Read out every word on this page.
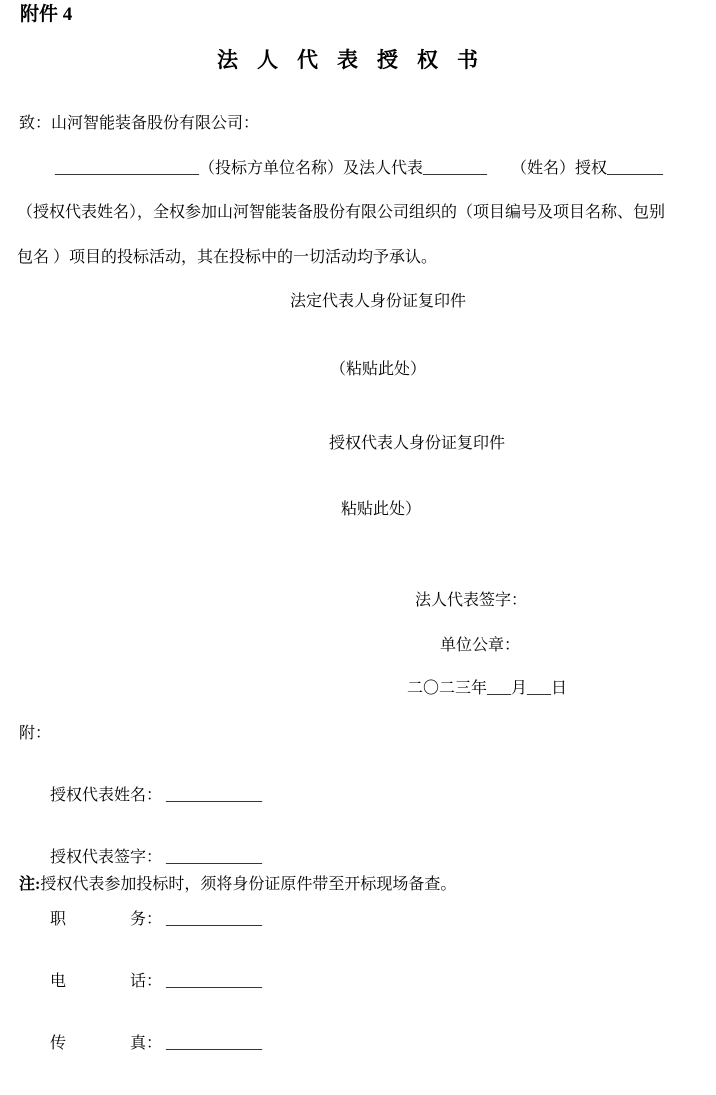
附件 4
法人代表授权书
致：山河智能装备股份有限公司：
__________________（投标方单位名称）及法人代表________　　（姓名）授权_______
（授权代表姓名），全权参加山河智能装备股份有限公司组织的（项目编号及项目名称、包别
包名 ）项目的投标活动，其在投标中的一切活动均予承认。
法定代表人身份证复印件
（粘贴此处）
授权代表人身份证复印件
粘贴此处）
法人代表签字：
单位公章：
二〇二三年___月___日
附：

授权代表姓名： ____________

授权代表签字： ____________

职务： ____________

电话： ____________

传真： ____________

注:授权代表参加投标时，须将身份证原件带至开标现场备查。
